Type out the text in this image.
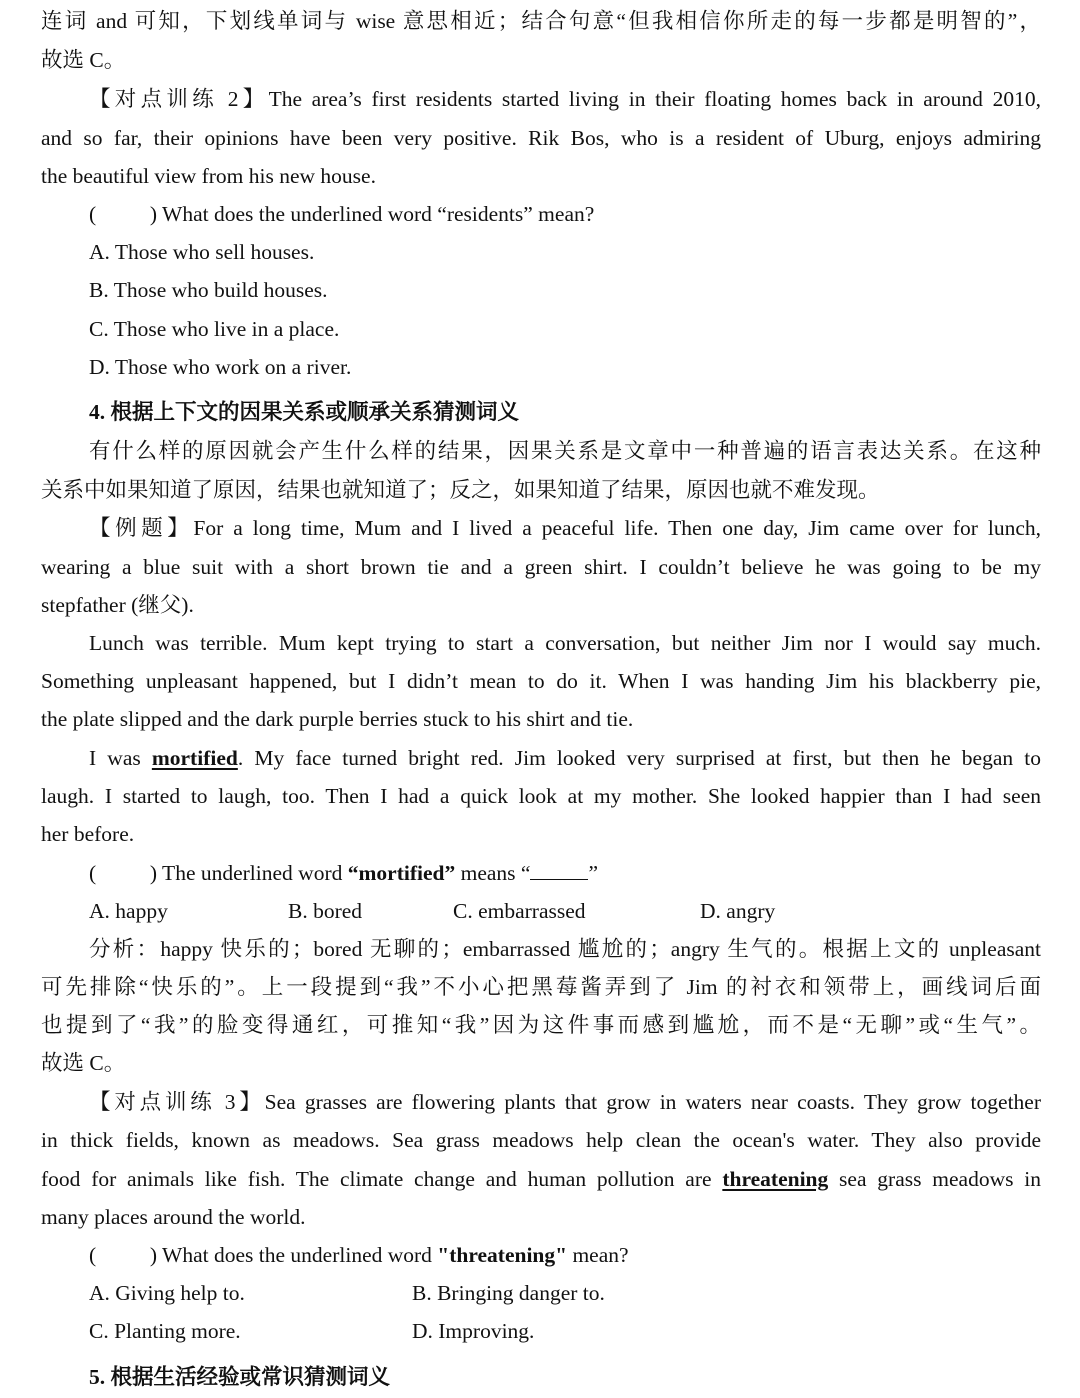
连词 and 可知，下划线单词与 wise 意思相近；结合句意“但我相信你所走的每一步都是明智的”，
故选 C。
【对点训练 2】The area’s first residents started living in their floating homes back in around 2010,
and so far, their opinions have been very positive. Rik Bos, who is a resident of Uburg, enjoys admiring
the beautiful view from his new house.
(          ) What does the underlined word “residents” mean?
A. Those who sell houses.
B. Those who build houses.
C. Those who live in a place.
D. Those who work on a river.
4. 根据上下文的因果关系或顺承关系猜测词义
有什么样的原因就会产生什么样的结果，因果关系是文章中一种普遍的语言表达关系。在这种
关系中如果知道了原因，结果也就知道了；反之，如果知道了结果，原因也就不难发现。
【例题】For a long time, Mum and I lived a peaceful life. Then one day, Jim came over for lunch,
wearing a blue suit with a short brown tie and a green shirt. I couldn’t believe he was going to be my
stepfather (继父).
Lunch was terrible. Mum kept trying to start a conversation, but neither Jim nor I would say much.
Something unpleasant happened, but I didn’t mean to do it. When I was handing Jim his blackberry pie,
the plate slipped and the dark purple berries stuck to his shirt and tie.
I was mortified. My face turned bright red. Jim looked very surprised at first, but then he began to
laugh. I started to laugh, too. Then I had a quick look at my mother. She looked happier than I had seen
her before.
(          ) The underlined word “mortified” means “	”
A. happy	B. bored	C. embarrassed	D. angry
分析：happy 快乐的；bored 无聊的；embarrassed 尴尬的；angry 生气的。根据上文的 unpleasant
可先排除“快乐的”。上一段提到“我”不小心把黑莓酱弄到了 Jim 的衬衣和领带上，画线词后面
也提到了“我”的脸变得通红，可推知“我”因为这件事而感到尴尬，而不是“无聊”或“生气”。
故选 C。
【对点训练 3】Sea grasses are flowering plants that grow in waters near coasts. They grow together
in thick fields, known as meadows. Sea grass meadows help clean the ocean's water. They also provide
food for animals like fish. The climate change and human pollution are threatening sea grass meadows in
many places around the world.
(          ) What does the underlined word "threatening" mean?
A. Giving help to.	B. Bringing danger to.
C. Planting more.	D. Improving.
5. 根据生活经验或常识猜测词义
